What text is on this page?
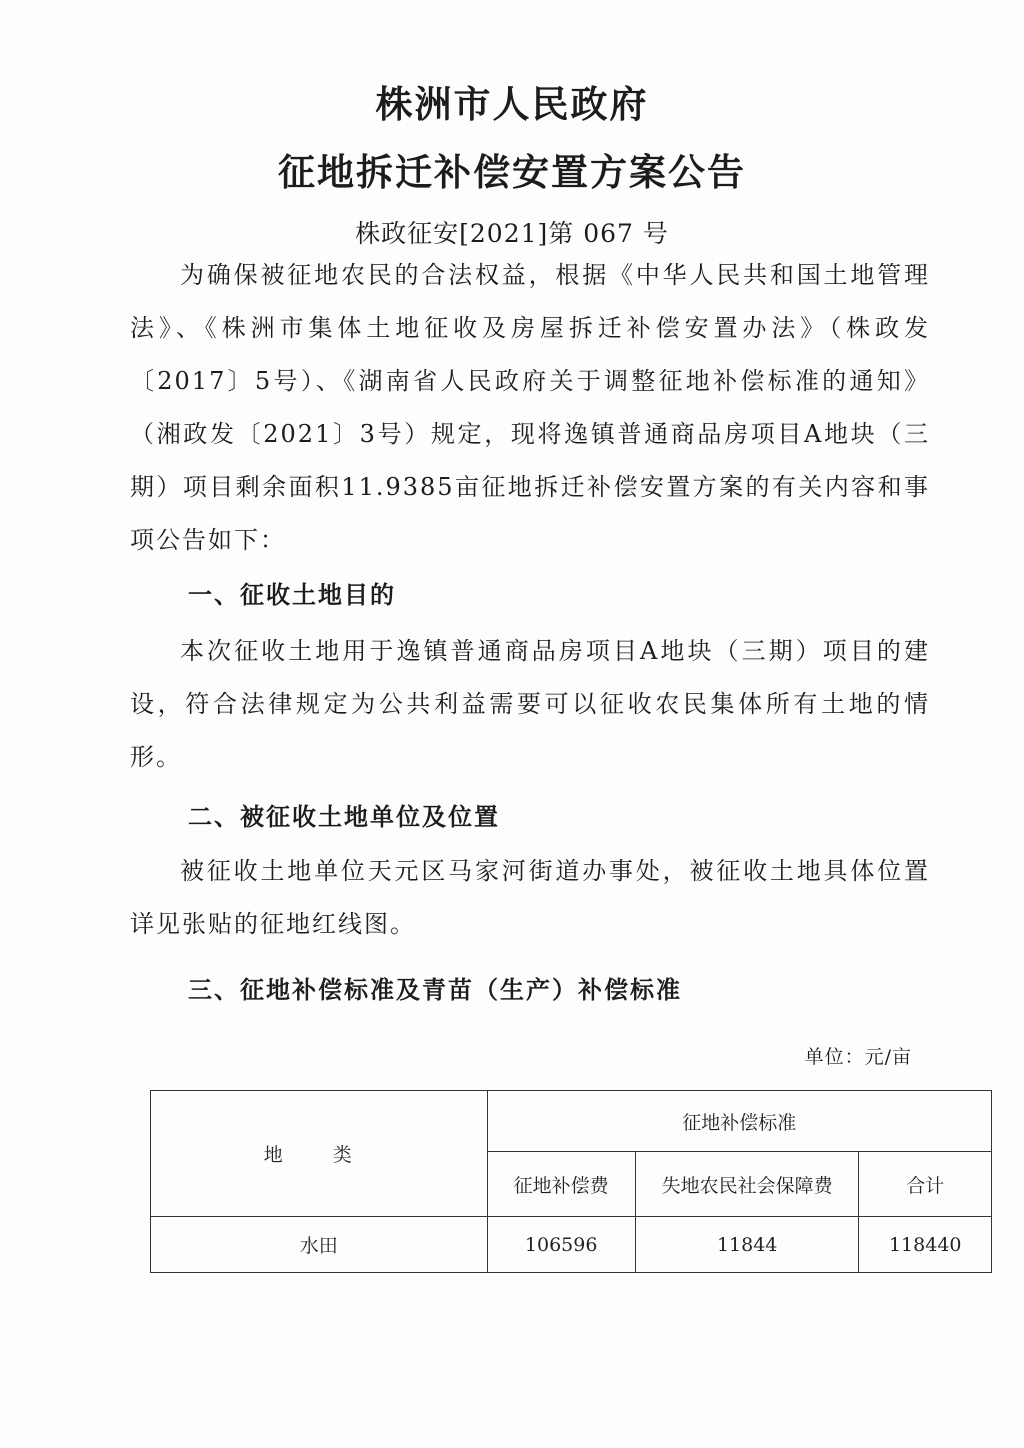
株洲市人民政府
征地拆迁补偿安置方案公告
株政征安[2021]第 067 号

为确保被征地农民的合法权益，根据《中华人民共和国土地管理法》、《株洲市集体土地征收及房屋拆迁补偿安置办法》（株政发〔2017〕5号）、《湖南省人民政府关于调整征地补偿标准的通知》（湘政发〔2021〕3号）规定，现将逸镇普通商品房项目A地块（三期）项目剩余面积11.9385亩征地拆迁补偿安置方案的有关内容和事项公告如下：

一、征收土地目的

本次征收土地用于逸镇普通商品房项目A地块（三期）项目的建设，符合法律规定为公共利益需要可以征收农民集体所有土地的情形。

二、被征收土地单位及位置

被征收土地单位天元区马家河街道办事处，被征收土地具体位置详见张贴的征地红线图。

三、征地补偿标准及青苗（生产）补偿标准
单位：元/亩
地 类	征地补偿标准		
	征地补偿费	失地农民社会保障费	合计
水田	106596	11844	118440
